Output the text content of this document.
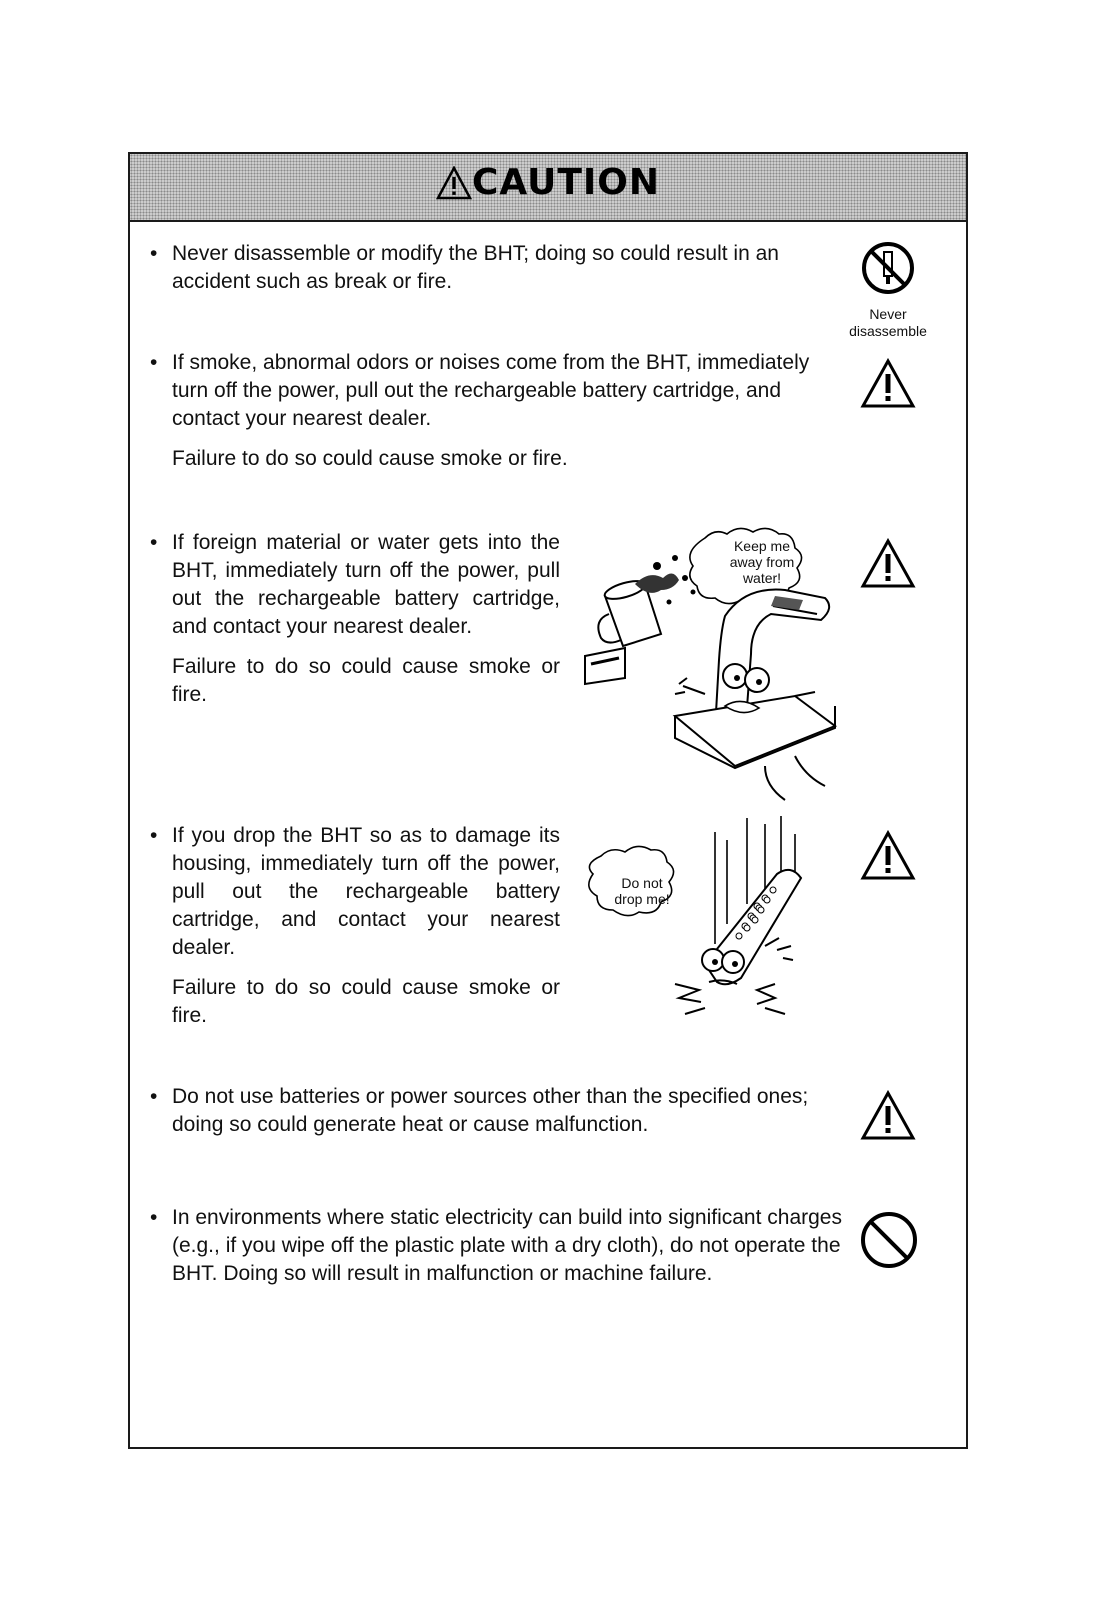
CAUTION
• Never disassemble or modify the BHT; doing so could result in an accident such as break or fire.

Never
disassemble
• If smoke, abnormal odors or noises come from the BHT, immediately turn off the power, pull out the rechargeable battery cartridge, and contact your nearest dealer.

Failure to do so could cause smoke or fire.

• If foreign material or water gets into the BHT, immediately turn off the power, pull out the rechargeable battery cartridge, and contact your nearest dealer.

Failure to do so could cause smoke or fire.

Keep me
away from
water!
• If you drop the BHT so as to damage its housing, immediately turn off the power, pull out the rechargeable battery cartridge, and contact your nearest dealer.

Failure to do so could cause smoke or fire.

Do not
drop me!
• Do not use batteries or power sources other than the specified ones; doing so could generate heat or cause malfunction.

• In environments where static electricity can build into significant charges (e.g., if you wipe off the plastic plate with a dry cloth), do not operate the BHT. Doing so will result in malfunction or machine failure.
